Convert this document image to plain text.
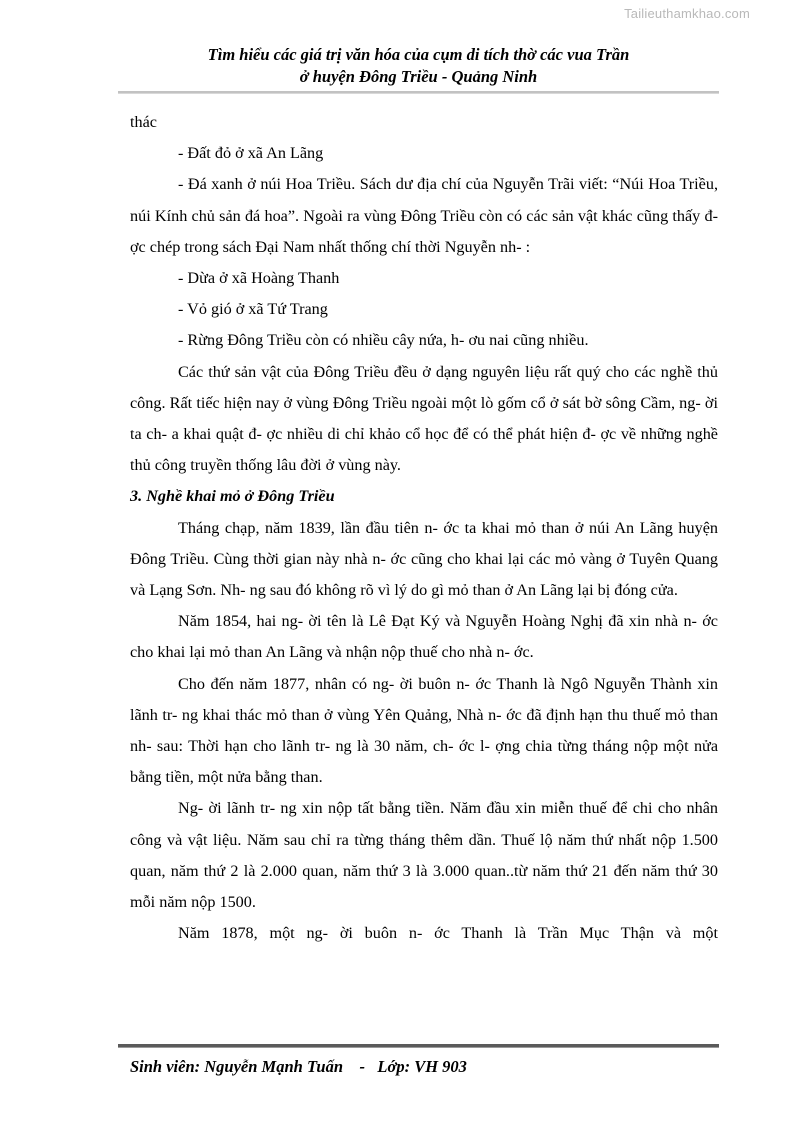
Tailieuthamkhao.com
Tìm hiểu các giá trị văn hóa của cụm di tích thờ các vua Trần
ở huyện Đông Triều - Quảng Ninh

thác

- Đất đỏ ở xã An Lãng

- Đá xanh ở núi Hoa Triều. Sách dư địa chí của Nguyễn Trãi viết: “Núi Hoa Triều, núi Kính chủ sản đá hoa”. Ngoài ra vùng Đông Triều còn có các sản vật khác cũng thấy đ- ợc chép trong sách Đại Nam nhất thống chí thời Nguyễn nh- :

- Dừa ở xã Hoàng Thanh

- Vỏ gió ở xã Tứ Trang

- Rừng Đông Triều còn có nhiều cây nứa, h- ơu nai cũng nhiều.

Các thứ sản vật của Đông Triều đều ở dạng nguyên liệu rất quý cho các nghề thủ công. Rất tiếc hiện nay ở vùng Đông Triều ngoài một lò gốm cổ ở sát bờ sông Cầm, ng- ời ta ch- a khai quật đ- ợc nhiều di chỉ khảo cổ học để có thể phát hiện đ- ợc về những nghề thủ công truyền thống lâu đời ở vùng này.

3. Nghề khai mỏ ở Đông Triều

Tháng chạp, năm 1839, lần đầu tiên n- ớc ta khai mỏ than ở núi An Lãng huyện Đông Triều. Cùng thời gian này nhà n- ớc cũng cho khai lại các mỏ vàng ở Tuyên Quang và Lạng Sơn. Nh- ng sau đó không rõ vì lý do gì mỏ than ở An Lãng lại bị đóng cửa.

Năm 1854, hai ng- ời tên là Lê Đạt Ký và Nguyễn Hoàng Nghị đã xin nhà n- ớc cho khai lại mỏ than An Lãng và nhận nộp thuế cho nhà n- ớc.

Cho đến năm 1877, nhân có ng- ời buôn n- ớc Thanh là Ngô Nguyễn Thành xin lãnh tr- ng khai thác mỏ than ở vùng Yên Quảng, Nhà n- ớc đã định hạn thu thuế mỏ than nh- sau: Thời hạn cho lãnh tr- ng là 30 năm, ch- ớc l- ợng chia từng tháng nộp một nửa bằng tiền, một nửa bằng than.

Ng- ời lãnh tr- ng xin nộp tất bằng tiền. Năm đầu xin miễn thuế để chi cho nhân công và vật liệu. Năm sau chỉ ra từng tháng thêm dần. Thuế lộ năm thứ nhất nộp 1.500 quan, năm thứ 2 là 2.000 quan, năm thứ 3 là 3.000 quan..từ năm thứ 21 đến năm thứ 30 mỗi năm nộp 1500.

Năm 1878, một ng- ời buôn n- ớc Thanh là Trần Mục Thận và một

Sinh viên: Nguyễn Mạnh Tuấn    -   Lớp: VH 903
